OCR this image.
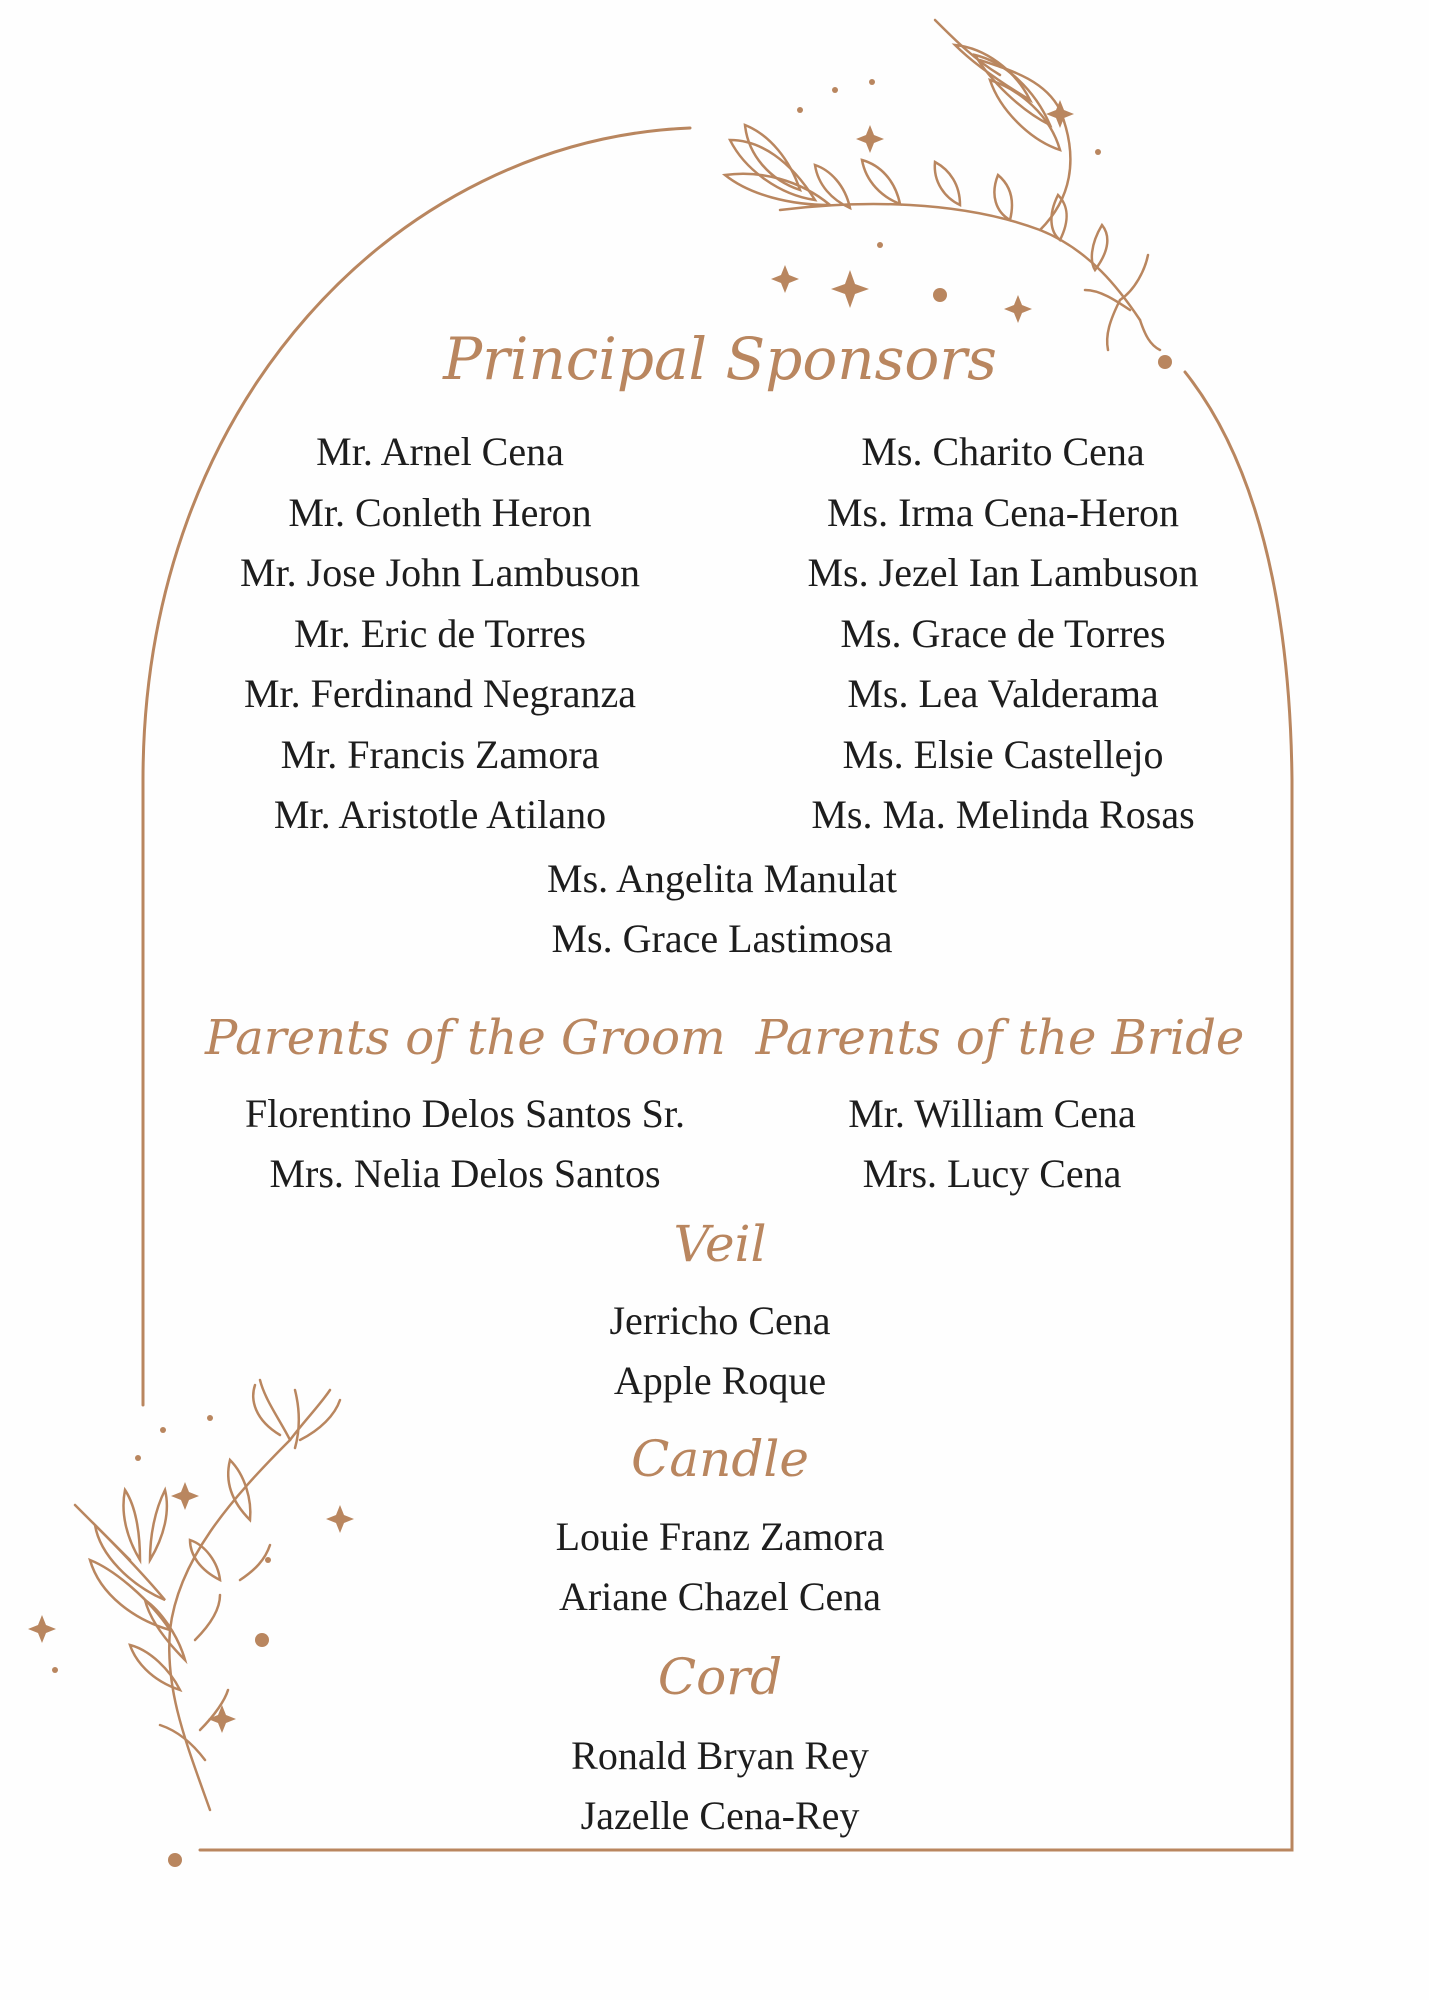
Principal Sponsors
Mr. Arnel Cena
Mr. Conleth Heron
Mr. Jose John Lambuson
Mr. Eric de Torres
Mr. Ferdinand Negranza
Mr. Francis Zamora
Mr. Aristotle Atilano
Ms. Charito Cena
Ms. Irma Cena-Heron
Ms. Jezel Ian Lambuson
Ms. Grace de Torres
Ms. Lea Valderama
Ms. Elsie Castellejo
Ms. Ma. Melinda Rosas
Ms. Angelita Manulat
Ms. Grace Lastimosa
Parents of the Groom Parents of the Bride
Florentino Delos Santos Sr.
Mrs. Nelia Delos Santos
Mr. William Cena
Mrs. Lucy Cena
Veil
Jerricho Cena
Apple Roque
Candle
Louie Franz Zamora
Ariane Chazel Cena
Cord
Ronald Bryan Rey
Jazelle Cena-Rey
